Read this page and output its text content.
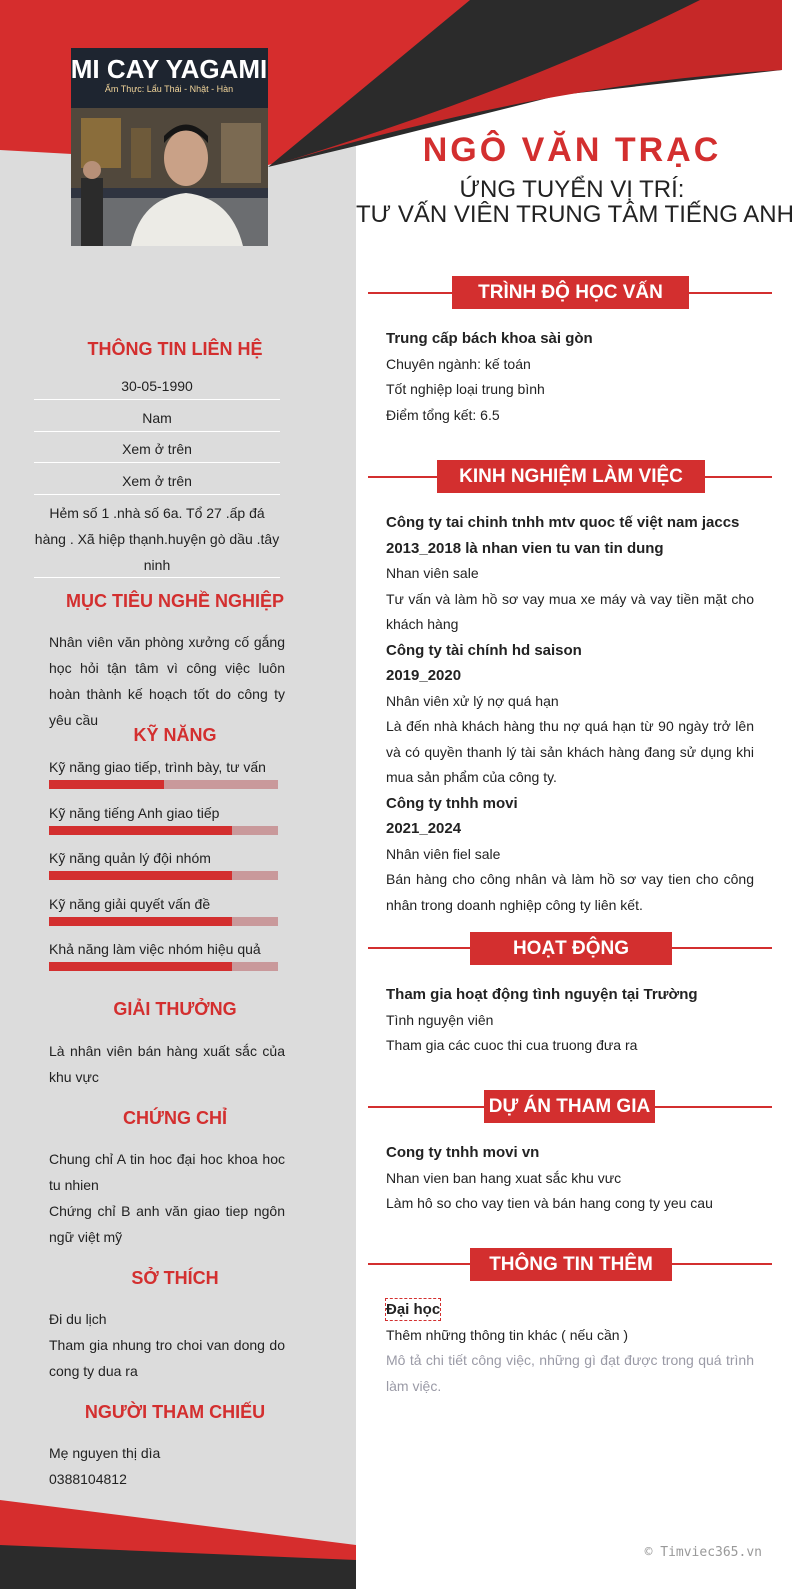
MI CAY YAGAMI
Ẩm Thực: Lẩu Thái - Nhật - Hàn
THÔNG TIN LIÊN HỆ
30-05-1990
Nam
Xem ở trên
Xem ở trên
Hẻm số 1 .nhà số 6a. Tổ 27 .ấp đá hàng . Xã hiệp thạnh.huyện gò dầu .tây ninh
MỤC TIÊU NGHỀ NGHIỆP
Nhân viên văn phòng xưởng cố gắng học hỏi tận tâm vì công việc luôn hoàn thành kế hoạch tốt do công ty yêu cầu
KỸ NĂNG
Kỹ năng giao tiếp, trình bày, tư vấn
Kỹ năng tiếng Anh giao tiếp
Kỹ năng quản lý đội nhóm
Kỹ năng giải quyết vấn đề
Khả năng làm việc nhóm hiệu quả
GIẢI THƯỞNG
Là nhân viên bán hàng xuất sắc của khu vực
CHỨNG CHỈ
Chung chỉ A tin hoc đại hoc khoa hoc tu nhien
Chứng chỉ B anh văn giao tiep ngôn ngữ việt mỹ
SỞ THÍCH
Đi du lịch
Tham gia nhung tro choi van dong do cong ty dua ra
NGƯỜI THAM CHIẾU
Mẹ nguyen thị dìa
0388104812
NGÔ VĂN TRẠC
ỨNG TUYỂN VỊ TRÍ:
TƯ VẤN VIÊN TRUNG TÂM TIẾNG ANH
TRÌNH ĐỘ HỌC VẤN
Trung cấp bách khoa sài gòn
Chuyên ngành: kế toán
Tốt nghiệp loại trung bình
Điểm tổng kết: 6.5
KINH NGHIỆM LÀM VIỆC
Công ty tai chinh tnhh mtv quoc tế việt nam jaccs
2013_2018 là nhan vien tu van tin dung
Nhan viên sale
Tư vấn và làm hồ sơ vay mua xe máy và vay tiền mặt cho khách hàng
Công ty tài chính hd saison
2019_2020
Nhân viên xử lý nợ quá hạn
Là đến nhà khách hàng thu nợ quá hạn từ 90 ngày trở lên và có quyền thanh lý tài sản khách hàng đang sử dụng khi mua sản phẩm của công ty.
Công ty tnhh movi
2021_2024
Nhân viên fiel sale
Bán hàng cho công nhân và làm hồ sơ vay tien cho công nhân trong doanh nghiệp công ty liên kết.
HOẠT ĐỘNG
Tham gia hoạt động tình nguyện tại Trường
Tình nguyện viên
Tham gia các cuoc thi cua truong đưa ra
DỰ ÁN THAM GIA
Cong ty tnhh movi vn
Nhan vien ban hang xuat sắc khu vưc
Làm hô so cho vay tien và bán hang cong ty yeu cau
THÔNG TIN THÊM
Đại học
Thêm những thông tin khác ( nếu cần )
Mô tả chi tiết công việc, những gì đạt được trong quá trình làm việc.
© Timviec365.vn
